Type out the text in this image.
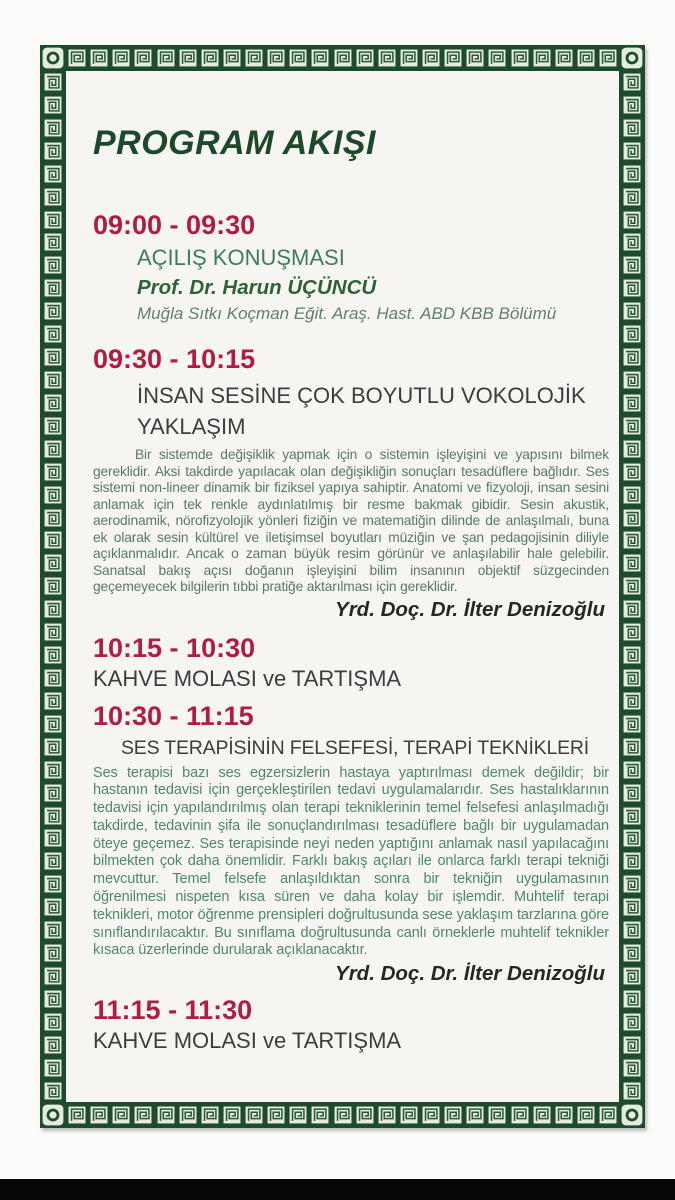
PROGRAM AKIŞI
09:00 - 09:30
AÇILIŞ KONUŞMASI
Prof. Dr. Harun ÜÇÜNCÜ
Muğla Sıtkı Koçman Eğit. Araş. Hast. ABD KBB Bölümü
09:30 - 10:15
İNSAN SESİNE ÇOK BOYUTLU VOKOLOJİK YAKLAŞIM
Bir sistemde değişiklik yapmak için o sistemin işleyişini ve yapısını bilmek gereklidir. Aksi takdirde yapılacak olan değişikliğin sonuçları tesadüflere bağlıdır. Ses sistemi non-lineer dinamik bir fiziksel yapıya sahiptir. Anatomi ve fizyoloji, insan sesini anlamak için tek renkle aydınlatılmış bir resme bakmak gibidir. Sesin akustik, aerodinamik, nörofizyolojik yönleri fiziğin ve matematiğin dilinde de anlaşılmalı, buna ek olarak sesin kültürel ve iletişimsel boyutları müziğin ve şan pedagojisinin diliyle açıklanmalıdır. Ancak o zaman büyük resim görünür ve anlaşılabilir hale gelebilir. Sanatsal bakış açısı doğanın işleyişini bilim insanının objektif süzgecinden geçemeyecek bilgilerin tıbbi pratiğe aktarılması için gereklidir.
Yrd. Doç. Dr. İlter Denizoğlu
10:15 - 10:30
KAHVE MOLASI ve TARTIŞMA
10:30 - 11:15
SES TERAPİSİNİN FELSEFESİ, TERAPİ TEKNİKLERİ
Ses terapisi bazı ses egzersizlerin hastaya yaptırılması demek değildir; bir hastanın tedavisi için gerçekleştirilen tedavi uygulamalarıdır. Ses hastalıklarının tedavisi için yapılandırılmış olan terapi tekniklerinin temel felsefesi anlaşılmadığı takdirde, tedavinin şifa ile sonuçlandırılması tesadüflere bağlı bir uygulamadan öteye geçemez. Ses terapisinde neyi neden yaptığını anlamak nasıl yapılacağını bilmekten çok daha önemlidir. Farklı bakış açıları ile onlarca farklı terapi tekniği mevcuttur. Temel felsefe anlaşıldıktan sonra bir tekniğin uygulamasının öğrenilmesi nispeten kısa süren ve daha kolay bir işlemdir. Muhtelif terapi teknikleri, motor öğrenme prensipleri doğrultusunda sese yaklaşım tarzlarına göre sınıflandırılacaktır. Bu sınıflama doğrultusunda canlı örneklerle muhtelif teknikler kısaca üzerlerinde durularak açıklanacaktır.
Yrd. Doç. Dr. İlter Denizoğlu
11:15 - 11:30
KAHVE MOLASI ve TARTIŞMA
